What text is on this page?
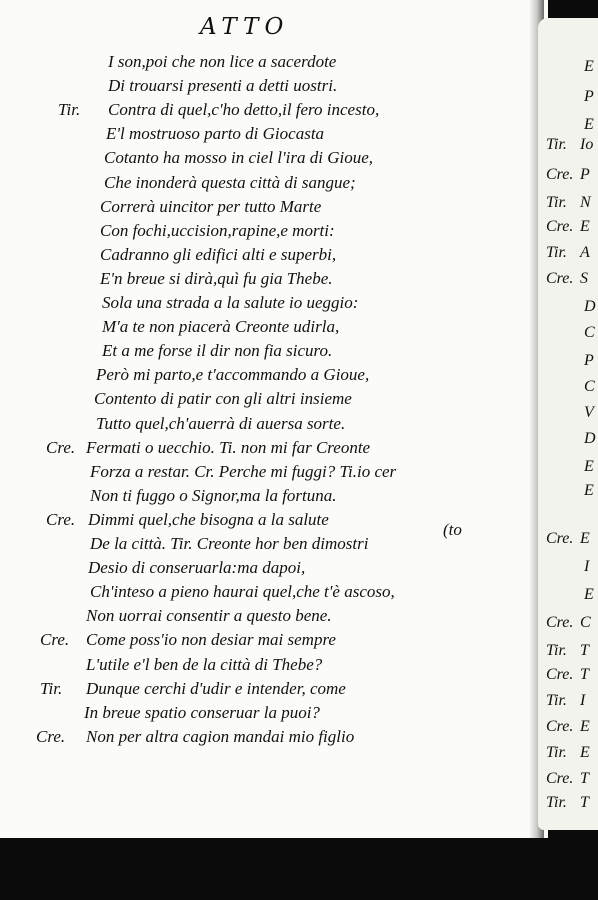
ATTO
I son,poi che non lice a sacerdote
Di trouarsi presenti a detti uostri.
Tir. Contra di quel,c'ho detto,il fero incesto,
E'l mostruoso parto di Giocasta
Cotanto ha mosso in ciel l'ira di Gioue,
Che inonderà questa città di sangue;
Correrà uincitor per tutto Marte
Con fochi,uccision,rapine,e morti:
Cadranno gli edifici alti e superbi,
E'n breue si dirà,quì fu gia Thebe.
Sola una strada a la salute io ueggio:
M'a te non piacerà Creonte udirla,
Et a me forse il dir non fia sicuro.
Però mi parto,e t'accommando a Gioue,
Contento di patir con gli altri insieme
Tutto quel,ch'auerrà di auersa sorte.
Cre. Fermati o uecchio. Ti. non mi far Creonte
Forza a restar. Cr. Perche mi fuggi? Ti.io cer
Non ti fuggo o Signor,ma la fortuna.
Cre. Dimmi quel,che bisogna a la salute
De la città. Tir. Creonte hor ben dimostri
Desio di conseruarla:ma dapoi,
Ch'inteso a pieno haurai quel,che t'è ascoso,
Non uorrai consentir a questo bene.
Cre. Come poss'io non desiar mai sempre
L'utile e'l ben de la città di Thebe?
Tir. Dunque cerchi d'udir e intender, come
In breue spatio conseruar la puoi?
Cre. Non per altra cagion mandai mio figlio
(to
E
P
E
Tir. Io
Cre. P
Tir. N
Cre. E
Tir. A
Cre. S
D
C
P
C
V
D
E
E
Cre. E
I
E
Cre. C
Tir. T
Cre. T
Tir. I
Cre. E
Tir. E
Cre. T
Tir. T
